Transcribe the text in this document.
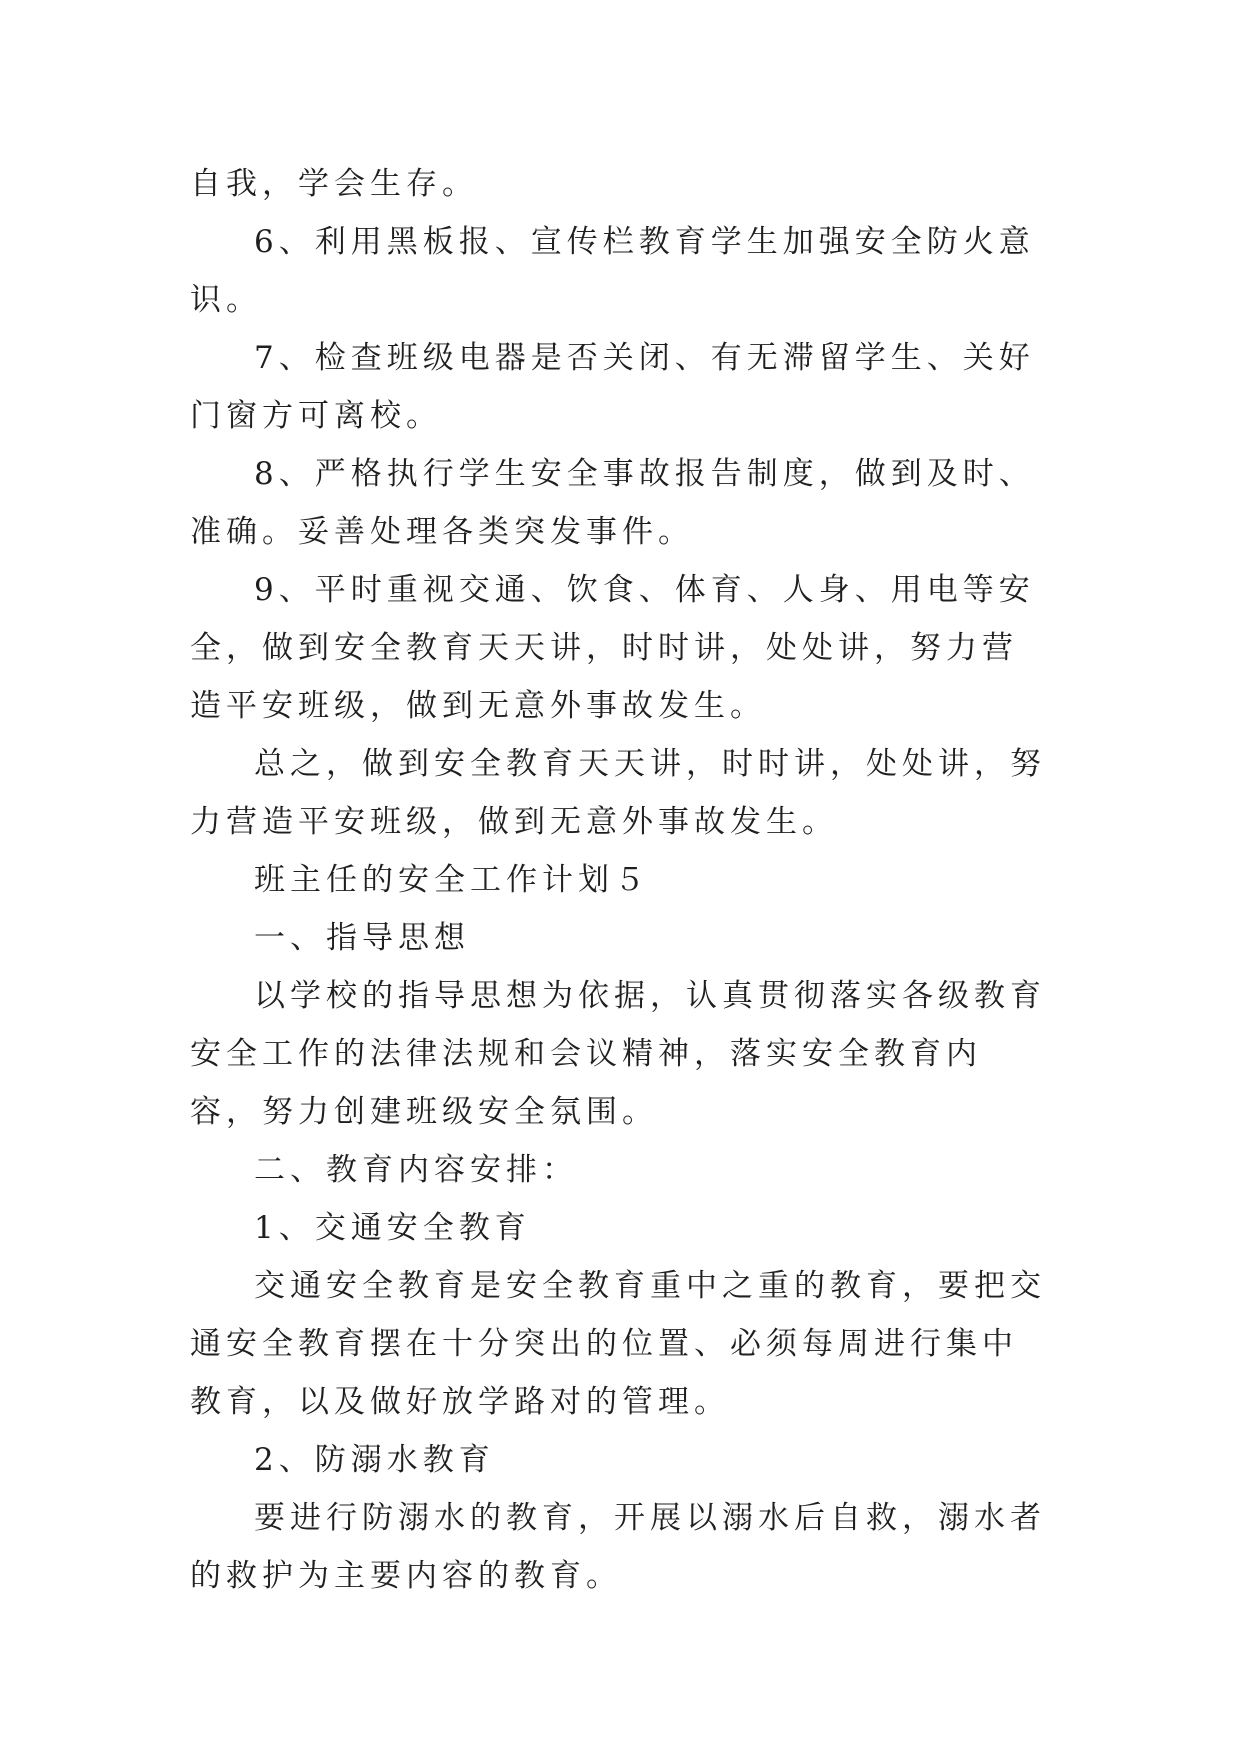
自我，学会生存。

6、利用黑板报、宣传栏教育学生加强安全防火意识。

7、检查班级电器是否关闭、有无滞留学生、关好门窗方可离校。

8、严格执行学生安全事故报告制度，做到及时、准确。妥善处理各类突发事件。

9、平时重视交通、饮食、体育、人身、用电等安全，做到安全教育天天讲，时时讲，处处讲，努力营造平安班级，做到无意外事故发生。

总之，做到安全教育天天讲，时时讲，处处讲，努力营造平安班级，做到无意外事故发生。

班主任的安全工作计划５

一、指导思想

以学校的指导思想为依据，认真贯彻落实各级教育安全工作的法律法规和会议精神，落实安全教育内容，努力创建班级安全氛围。

二、教育内容安排：

1、交通安全教育

交通安全教育是安全教育重中之重的教育，要把交通安全教育摆在十分突出的位置、必须每周进行集中教育，以及做好放学路对的管理。

2、防溺水教育

要进行防溺水的教育，开展以溺水后自救，溺水者的救护为主要内容的教育。
